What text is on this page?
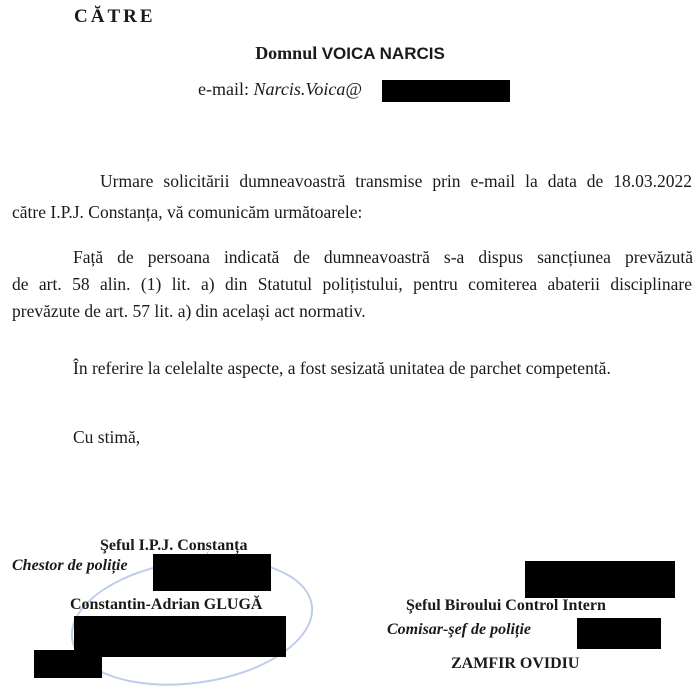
CĂTRE
Domnul VOICA NARCIS
e-mail: Narcis.Voica@
Urmare solicitării dumneavoastră transmise prin e-mail la data de 18.03.2022
către I.P.J. Constanța, vă comunicăm următoarele:
Față de persoana indicată de dumneavoastră s-a dispus sancțiunea prevăzută
de art. 58 alin. (1) lit. a) din Statutul polițistului, pentru comiterea abaterii disciplinare
prevăzute de art. 57 lit. a) din același act normativ.
În referire la celelalte aspecte, a fost sesizată unitatea de parchet competentă.
Cu stimă,
Şeful I.P.J. Constanța
Chestor de poliție
Constantin-Adrian GLUGĂ	Şeful Biroului Control Intern
Comisar-şef de poliție
ZAMFIR OVIDIU
